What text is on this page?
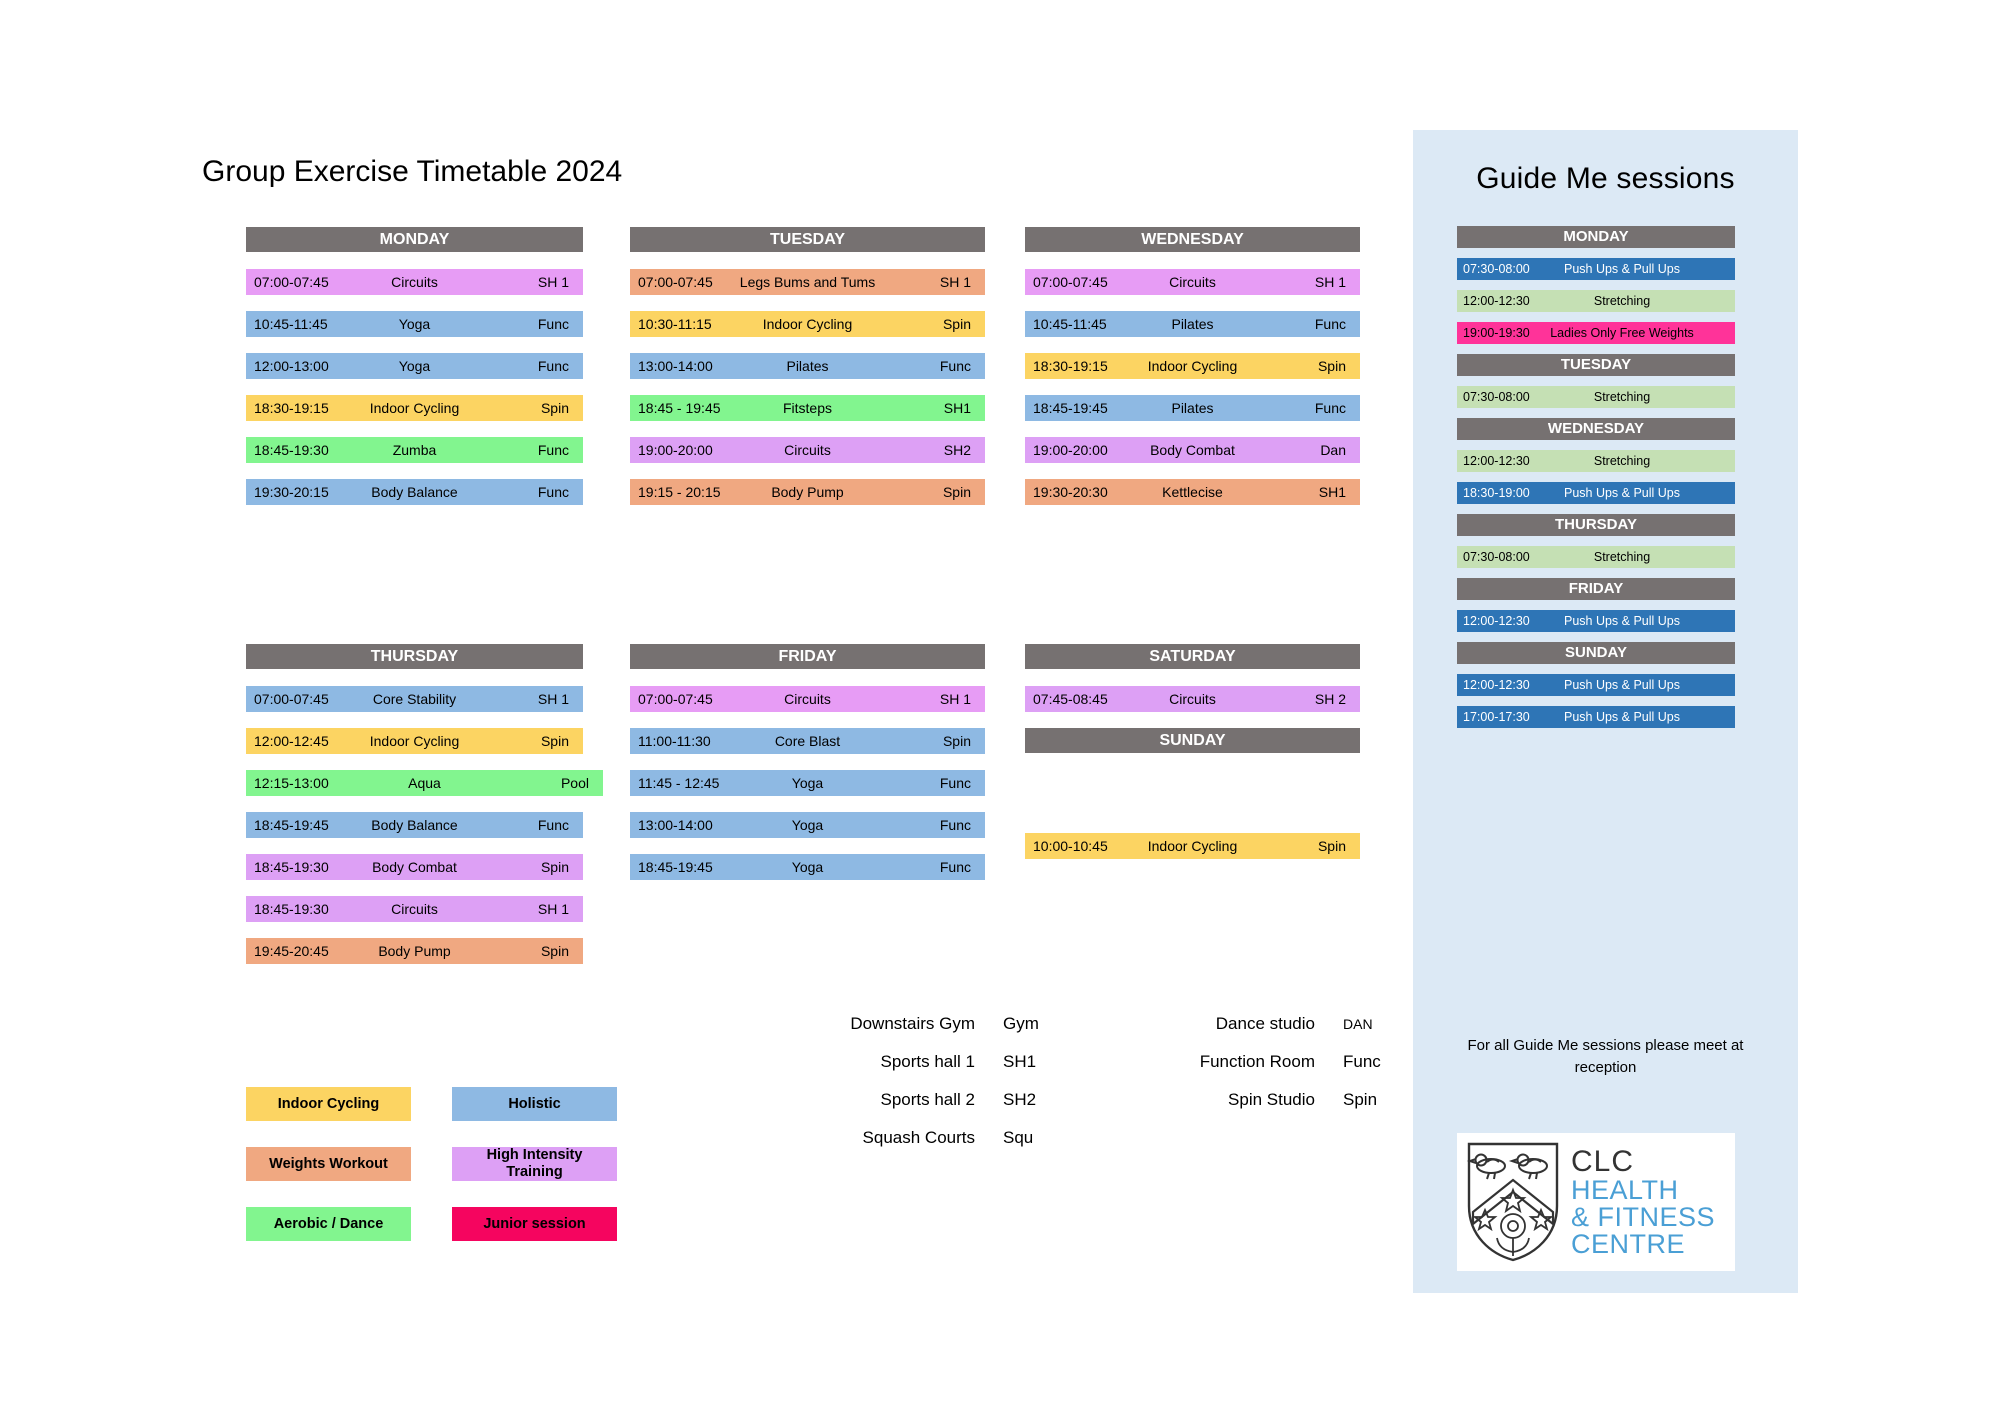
Group Exercise Timetable 2024
MONDAY
07:00-07:45	Circuits	SH 1
10:45-11:45	Yoga	Func
12:00-13:00	Yoga	Func
18:30-19:15	Indoor Cycling	Spin
18:45-19:30	Zumba	Func
19:30-20:15	Body Balance	Func
TUESDAY
07:00-07:45	Legs Bums and Tums	SH 1
10:30-11:15	Indoor Cycling	Spin
13:00-14:00	Pilates	Func
18:45 - 19:45	Fitsteps	SH1
19:00-20:00	Circuits	SH2
19:15 - 20:15	Body Pump	Spin
WEDNESDAY
07:00-07:45	Circuits	SH 1
10:45-11:45	Pilates	Func
18:30-19:15	Indoor Cycling	Spin
18:45-19:45	Pilates	Func
19:00-20:00	Body Combat	Dan
19:30-20:30	Kettlecise	SH1
THURSDAY
07:00-07:45	Core Stability	SH 1
12:00-12:45	Indoor Cycling	Spin
12:15-13:00	Aqua	Pool
18:45-19:45	Body Balance	Func
18:45-19:30	Body Combat	Spin
18:45-19:30	Circuits	SH 1
19:45-20:45	Body Pump	Spin
FRIDAY
07:00-07:45	Circuits	SH 1
11:00-11:30	Core Blast	Spin
11:45 - 12:45	Yoga	Func
13:00-14:00	Yoga	Func
18:45-19:45	Yoga	Func
SATURDAY
07:45-08:45	Circuits	SH 2
SUNDAY
10:00-10:45	Indoor Cycling	Spin
Indoor Cycling	Holistic
Weights Workout
High Intensity
Training
Aerobic / Dance	Junior session
Downstairs Gym Gym	Dance studio DAN
Sports hall 1 SH1	Function Room Func
Sports hall 2 SH2	Spin Studio Spin
Squash Courts Squ
Guide Me sessions
MONDAY
07:30-08:00	Push Ups & Pull Ups
12:00-12:30	Stretching
19:00-19:30	Ladies Only Free Weights
TUESDAY
07:30-08:00	Stretching
WEDNESDAY
12:00-12:30	Stretching
18:30-19:00	Push Ups & Pull Ups
THURSDAY
07:30-08:00	Stretching
FRIDAY
12:00-12:30	Push Ups & Pull Ups
SUNDAY
12:00-12:30	Push Ups & Pull Ups
17:00-17:30	Push Ups & Pull Ups
For all Guide Me sessions please meet at reception
CLC
HEALTH
& FITNESS
CENTRE
